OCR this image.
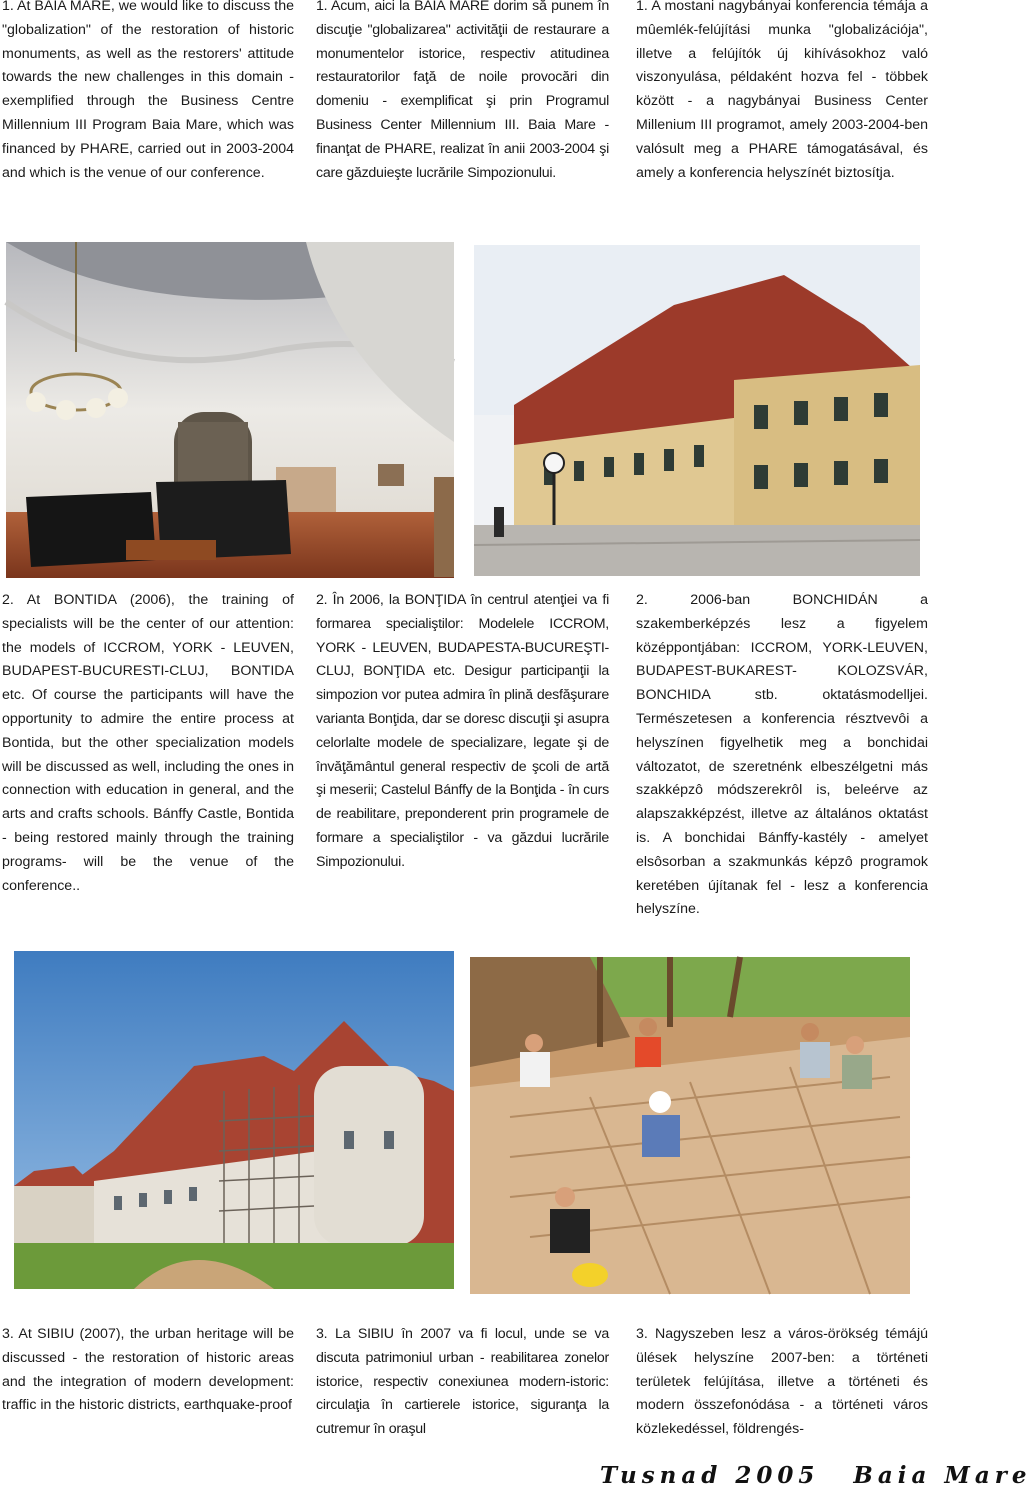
1. At BAIA MARE, we would like to discuss the "globalization" of the restoration of historic monuments, as well as the restorers' attitude towards the new challenges in this domain - exemplified through the Business Centre Millennium III Program Baia Mare, which was financed by PHARE, carried out in 2003-2004 and which is the venue of our conference.

1. Acum, aici la BAIA MARE dorim să punem în discuţie "globalizarea" activităţii de restaurare a monumentelor istorice, respectiv atitudinea restauratorilor faţă de noile provocări din domeniu - exemplificat şi prin Programul Business Center Millennium III. Baia Mare - finanţat de PHARE, realizat în anii 2003-2004 şi care găzduieşte lucrările Simpozionului.

1. A mostani nagybányai konferencia témája a mûemlék-felújítási munka "globalizációja", illetve a felújítók új kihívásokhoz való viszonyulása, példaként hozva fel - többek között - a nagybányai Business Center Millenium III programot, amely 2003-2004-ben valósult meg a PHARE támogatásával, és amely a konferencia helyszínét biztosítja.

2. At BONTIDA (2006), the training of specialists will be the center of our attention: the models of ICCROM, YORK - LEUVEN, BUDAPEST-BUCURESTI-CLUJ, BONTIDA etc. Of course the participants will have the opportunity to admire the entire process at Bontida, but the other specialization models will be discussed as well, including the ones in connection with education in general, and the arts and crafts schools. Bánffy Castle, Bontida - being restored mainly through the training programs- will be the venue of the conference..

2. În 2006, la BONŢIDA în centrul atenţiei va fi formarea specialiştilor: Modelele ICCROM, YORK - LEUVEN, BUDAPESTA-BUCUREŞTI-CLUJ, BONŢIDA etc. Desigur participanţii la simpozion vor putea admira în plină desfăşurare varianta Bonţida, dar se doresc discuţii şi asupra celorlalte modele de specializare, legate şi de învăţământul general respectiv de şcoli de artă şi meserii; Castelul Bánffy de la Bonţida - în curs de reabilitare, preponderent prin programele de formare a specialiştilor - va găzdui lucrările Simpozionului.

2. 2006-ban BONCHIDÁN a szakemberképzés lesz a figyelem középpontjában: ICCROM, YORK-LEUVEN, BUDAPEST-BUKAREST- KOLOZSVÁR, BONCHIDA stb. oktatásmodelljei. Természetesen a konferencia résztvevôi a helyszínen figyelhetik meg a bonchidai változatot, de szeretnénk elbeszélgetni más szakképzô módszerekrôl is, beleérve az alapszakképzést, illetve az általános oktatást is. A bonchidai Bánffy-kastély - amelyet elsôsorban a szakmunkás képzô programok keretében újítanak fel - lesz a konferencia helyszíne.

3. At SIBIU (2007), the urban heritage will be discussed - the restoration of historic areas and the integration of modern development: traffic in the historic districts, earthquake-proof

3. La SIBIU în 2007 va fi locul, unde se va discuta patrimoniul urban - reabilitarea zonelor istorice, respectiv conexiunea modern-istoric: circulaţia în cartierele istorice, siguranţa la cutremur în oraşul

3. Nagyszeben lesz a város-örökség témájú ülések helyszíne 2007-ben: a történeti területek felújítása, illetve a történeti és modern összefonódása - a történeti város közlekedéssel, földrengés-

Tusnad 2005 Baia Mare
